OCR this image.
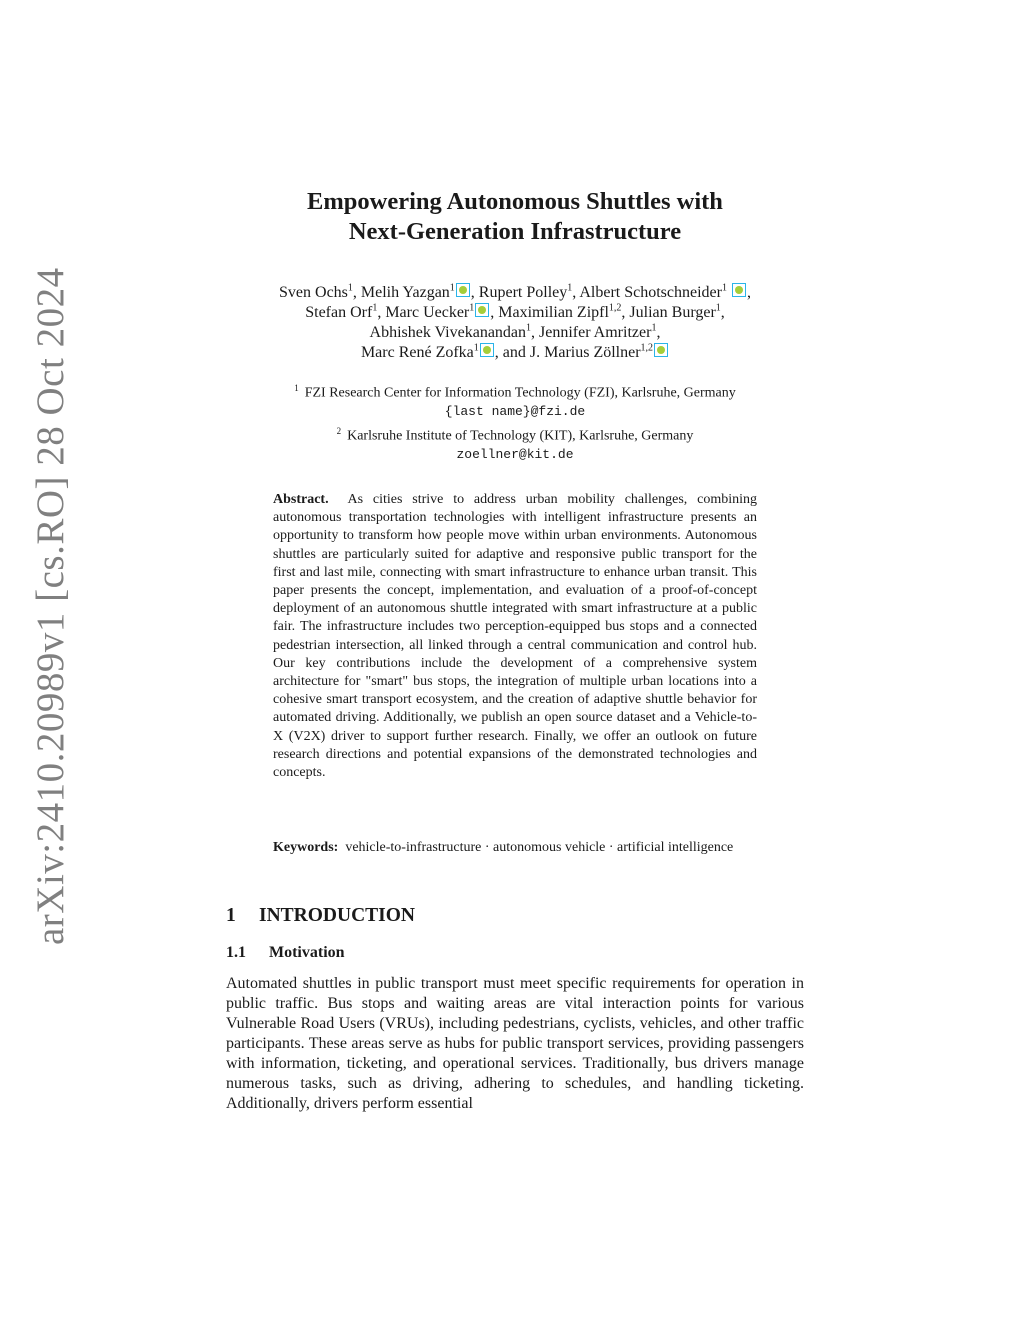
arXiv:2410.20989v1 [cs.RO] 28 Oct 2024
Empowering Autonomous Shuttles with
Next-Generation Infrastructure
Sven Ochs$^1$, Melih Yazgan$^1$ , Rupert Polley$^1$, Albert Schotschneider$^1$ ,
Stefan Orf$^1$, Marc Uecker$^1$ , Maximilian Zipfl$^{1,2}$, Julian Burger$^1$,
Abhishek Vivekanandan$^1$, Jennifer Amritzer$^1$,
Marc René Zofka$^1$ , and J. Marius Zöllner$^{1,2}$
$^1$ FZI Research Center for Information Technology (FZI), Karlsruhe, Germany
{last name}@fzi.de
$^2$ Karlsruhe Institute of Technology (KIT), Karlsruhe, Germany
zoellner@kit.de
Abstract. As cities strive to address urban mobility challenges, combining autonomous transportation technologies with intelligent infrastructure presents an opportunity to transform how people move within urban environments. Autonomous shuttles are particularly suited for adaptive and responsive public transport for the first and last mile, connecting with smart infrastructure to enhance urban transit. This paper presents the concept, implementation, and evaluation of a proof-of-concept deployment of an autonomous shuttle integrated with smart infrastructure at a public fair. The infrastructure includes two perception-equipped bus stops and a connected pedestrian intersection, all linked through a central communication and control hub. Our key contributions include the development of a comprehensive system architecture for "smart" bus stops, the integration of multiple urban locations into a cohesive smart transport ecosystem, and the creation of adaptive shuttle behavior for automated driving. Additionally, we publish an open source dataset and a Vehicle-to-X (V2X) driver to support further research. Finally, we offer an outlook on future research directions and potential expansions of the demonstrated technologies and concepts.
Keywords: vehicle-to-infrastructure · autonomous vehicle · artificial intelligence
1 INTRODUCTION
1.1 Motivation
Automated shuttles in public transport must meet specific requirements for operation in public traffic. Bus stops and waiting areas are vital interaction points for various Vulnerable Road Users (VRUs), including pedestrians, cyclists, vehicles, and other traffic participants. These areas serve as hubs for public transport services, providing passengers with information, ticketing, and operational services. Traditionally, bus drivers manage numerous tasks, such as driving, adhering to schedules, and handling ticketing. Additionally, drivers perform essential
